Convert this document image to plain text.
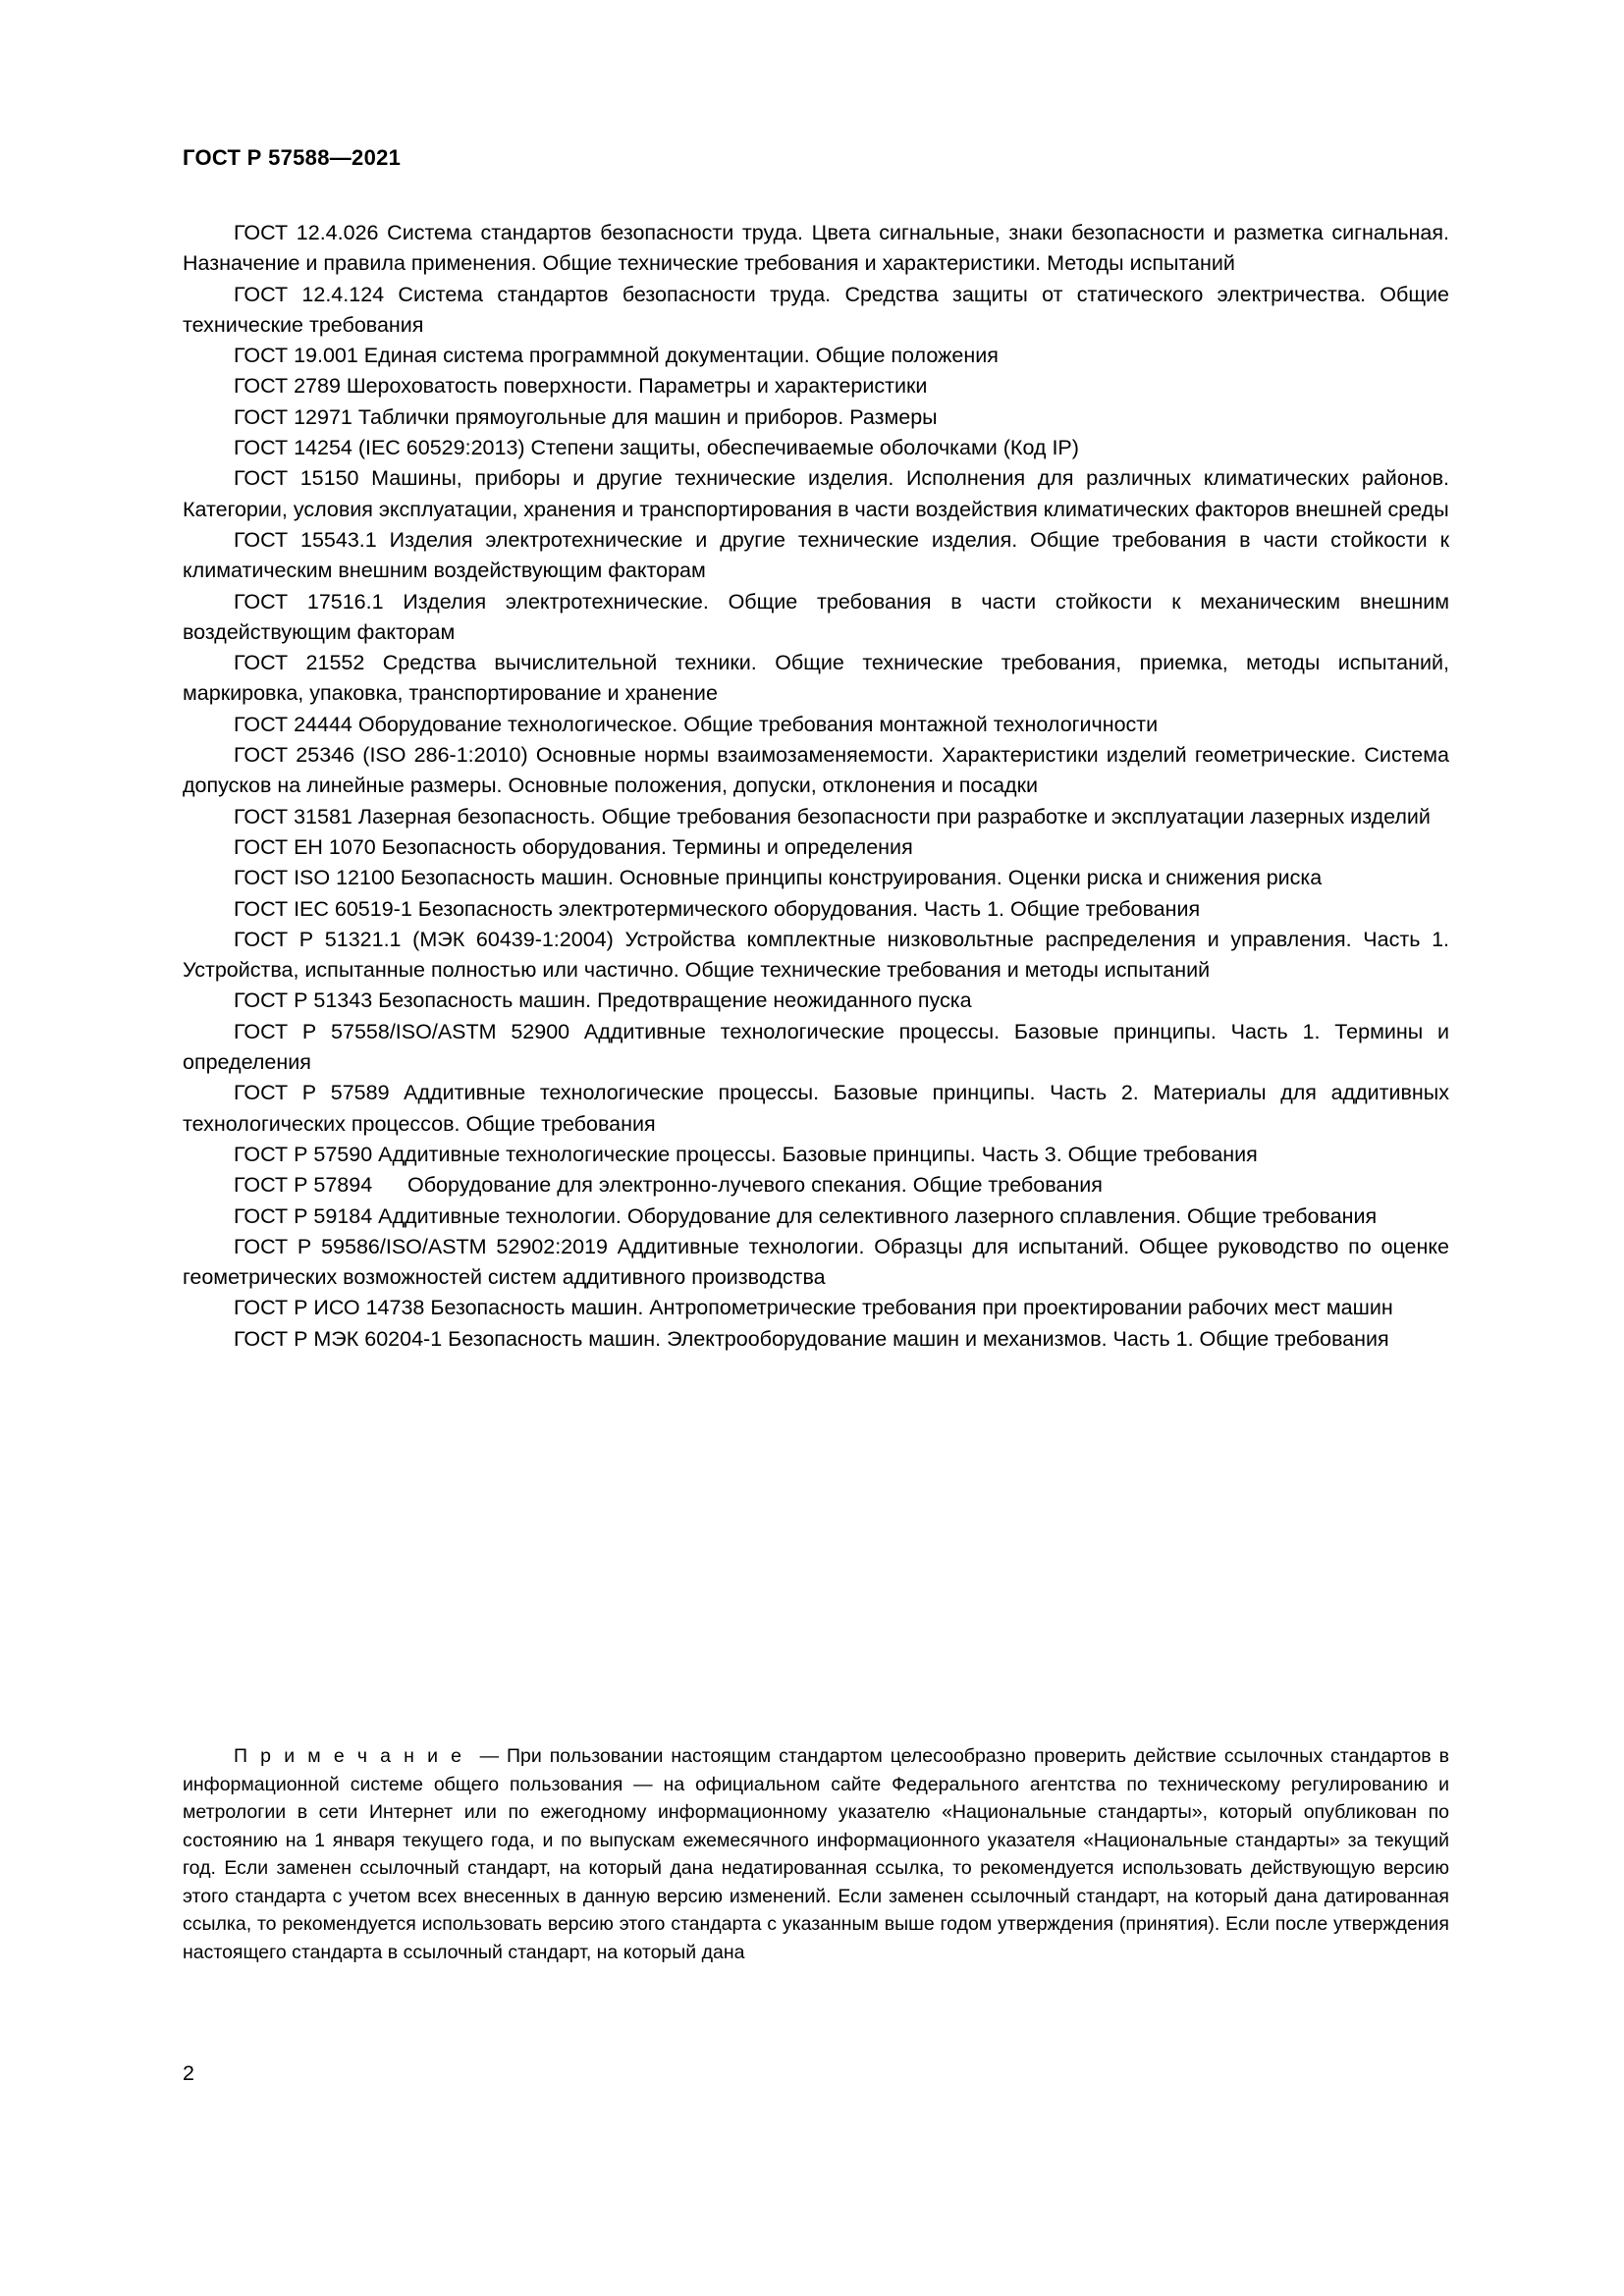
ГОСТ Р 57588—2021

ГОСТ 12.4.026 Система стандартов безопасности труда. Цвета сигнальные, знаки безопасности и разметка сигнальная. Назначение и правила применения. Общие технические требования и характеристики. Методы испытаний

ГОСТ 12.4.124 Система стандартов безопасности труда. Средства защиты от статического электричества. Общие технические требования

ГОСТ 19.001 Единая система программной документации. Общие положения

ГОСТ 2789 Шероховатость поверхности. Параметры и характеристики

ГОСТ 12971 Таблички прямоугольные для машин и приборов. Размеры

ГОСТ 14254 (IEC 60529:2013) Степени защиты, обеспечиваемые оболочками (Код IP)

ГОСТ 15150 Машины, приборы и другие технические изделия. Исполнения для различных климатических районов. Категории, условия эксплуатации, хранения и транспортирования в части воздействия климатических факторов внешней среды

ГОСТ 15543.1 Изделия электротехнические и другие технические изделия. Общие требования в части стойкости к климатическим внешним воздействующим факторам

ГОСТ 17516.1 Изделия электротехнические. Общие требования в части стойкости к механическим внешним воздействующим факторам

ГОСТ 21552 Средства вычислительной техники. Общие технические требования, приемка, методы испытаний, маркировка, упаковка, транспортирование и хранение

ГОСТ 24444 Оборудование технологическое. Общие требования монтажной технологичности

ГОСТ 25346 (ISO 286-1:2010) Основные нормы взаимозаменяемости. Характеристики изделий геометрические. Система допусков на линейные размеры. Основные положения, допуски, отклонения и посадки

ГОСТ 31581 Лазерная безопасность. Общие требования безопасности при разработке и эксплуатации лазерных изделий

ГОСТ ЕН 1070 Безопасность оборудования. Термины и определения

ГОСТ ISO 12100 Безопасность машин. Основные принципы конструирования. Оценки риска и снижения риска

ГОСТ IEC 60519-1 Безопасность электротермического оборудования. Часть 1. Общие требования

ГОСТ Р 51321.1 (МЭК 60439-1:2004) Устройства комплектные низковольтные распределения и управления. Часть 1. Устройства, испытанные полностью или частично. Общие технические требования и методы испытаний

ГОСТ Р 51343 Безопасность машин. Предотвращение неожиданного пуска

ГОСТ Р 57558/ISO/ASTM 52900 Аддитивные технологические процессы. Базовые принципы. Часть 1. Термины и определения

ГОСТ Р 57589 Аддитивные технологические процессы. Базовые принципы. Часть 2. Материалы для аддитивных технологических процессов. Общие требования

ГОСТ Р 57590 Аддитивные технологические процессы. Базовые принципы. Часть 3. Общие требования

ГОСТ Р 57894      Оборудование для электронно-лучевого спекания. Общие требования

ГОСТ Р 59184 Аддитивные технологии. Оборудование для селективного лазерного сплавления. Общие требования

ГОСТ Р 59586/ISO/ASTM 52902:2019 Аддитивные технологии. Образцы для испытаний. Общее руководство по оценке геометрических возможностей систем аддитивного производства

ГОСТ Р ИСО 14738 Безопасность машин. Антропометрические требования при проектировании рабочих мест машин

ГОСТ Р МЭК 60204-1 Безопасность машин. Электрооборудование машин и механизмов. Часть 1. Общие требования

П р и м е ч а н и е — При пользовании настоящим стандартом целесообразно проверить действие ссылочных стандартов в информационной системе общего пользования — на официальном сайте Федерального агентства по техническому регулированию и метрологии в сети Интернет или по ежегодному информационному указателю «Национальные стандарты», который опубликован по состоянию на 1 января текущего года, и по выпускам ежемесячного информационного указателя «Национальные стандарты» за текущий год. Если заменен ссылочный стандарт, на который дана недатированная ссылка, то рекомендуется использовать действующую версию этого стандарта с учетом всех внесенных в данную версию изменений. Если заменен ссылочный стандарт, на который дана датированная ссылка, то рекомендуется использовать версию этого стандарта с указанным выше годом утверждения (принятия). Если после утверждения настоящего стандарта в ссылочный стандарт, на который дана

2
